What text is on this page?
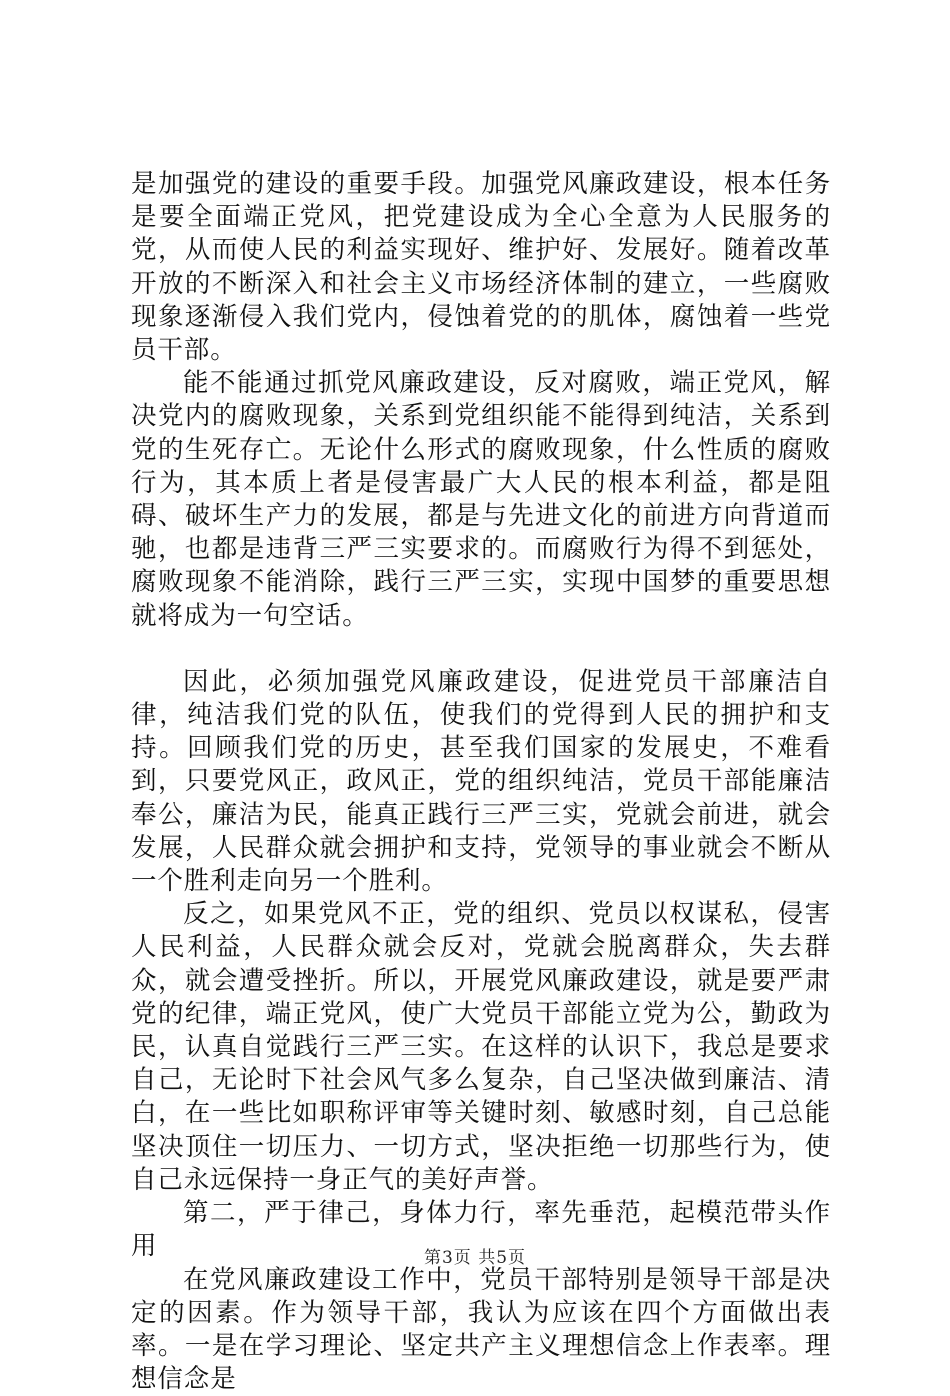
是加强党的建设的重要手段。加强党风廉政建设，根本任务是要全面端正党风，把党建设成为全心全意为人民服务的党，从而使人民的利益实现好、维护好、发展好。随着改革开放的不断深入和社会主义市场经济体制的建立，一些腐败现象逐渐侵入我们党内，侵蚀着党的的肌体，腐蚀着一些党员干部。

能不能通过抓党风廉政建设，反对腐败，端正党风，解决党内的腐败现象，关系到党组织能不能得到纯洁，关系到党的生死存亡。无论什么形式的腐败现象，什么性质的腐败行为，其本质上者是侵害最广大人民的根本利益，都是阻碍、破坏生产力的发展，都是与先进文化的前进方向背道而驰，也都是违背三严三实要求的。而腐败行为得不到惩处，腐败现象不能消除，践行三严三实，实现中国梦的重要思想就将成为一句空话。

因此，必须加强党风廉政建设，促进党员干部廉洁自律，纯洁我们党的队伍，使我们的党得到人民的拥护和支持。回顾我们党的历史，甚至我们国家的发展史，不难看到，只要党风正，政风正，党的组织纯洁，党员干部能廉洁奉公，廉洁为民，能真正践行三严三实，党就会前进，就会发展，人民群众就会拥护和支持，党领导的事业就会不断从一个胜利走向另一个胜利。

反之，如果党风不正，党的组织、党员以权谋私，侵害人民利益，人民群众就会反对，党就会脱离群众，失去群众，就会遭受挫折。所以，开展党风廉政建设，就是要严肃党的纪律，端正党风，使广大党员干部能立党为公，勤政为民，认真自觉践行三严三实。在这样的认识下，我总是要求自己，无论时下社会风气多么复杂，自己坚决做到廉洁、清白，在一些比如职称评审等关键时刻、敏感时刻，自己总能坚决顶住一切压力、一切方式，坚决拒绝一切那些行为，使自己永远保持一身正气的美好声誉。

第二，严于律己，身体力行，率先垂范，起模范带头作用

在党风廉政建设工作中，党员干部特别是领导干部是决定的因素。作为领导干部，我认为应该在四个方面做出表率。一是在学习理论、坚定共产主义理想信念上作表率。理想信念是

第3页 共5页
